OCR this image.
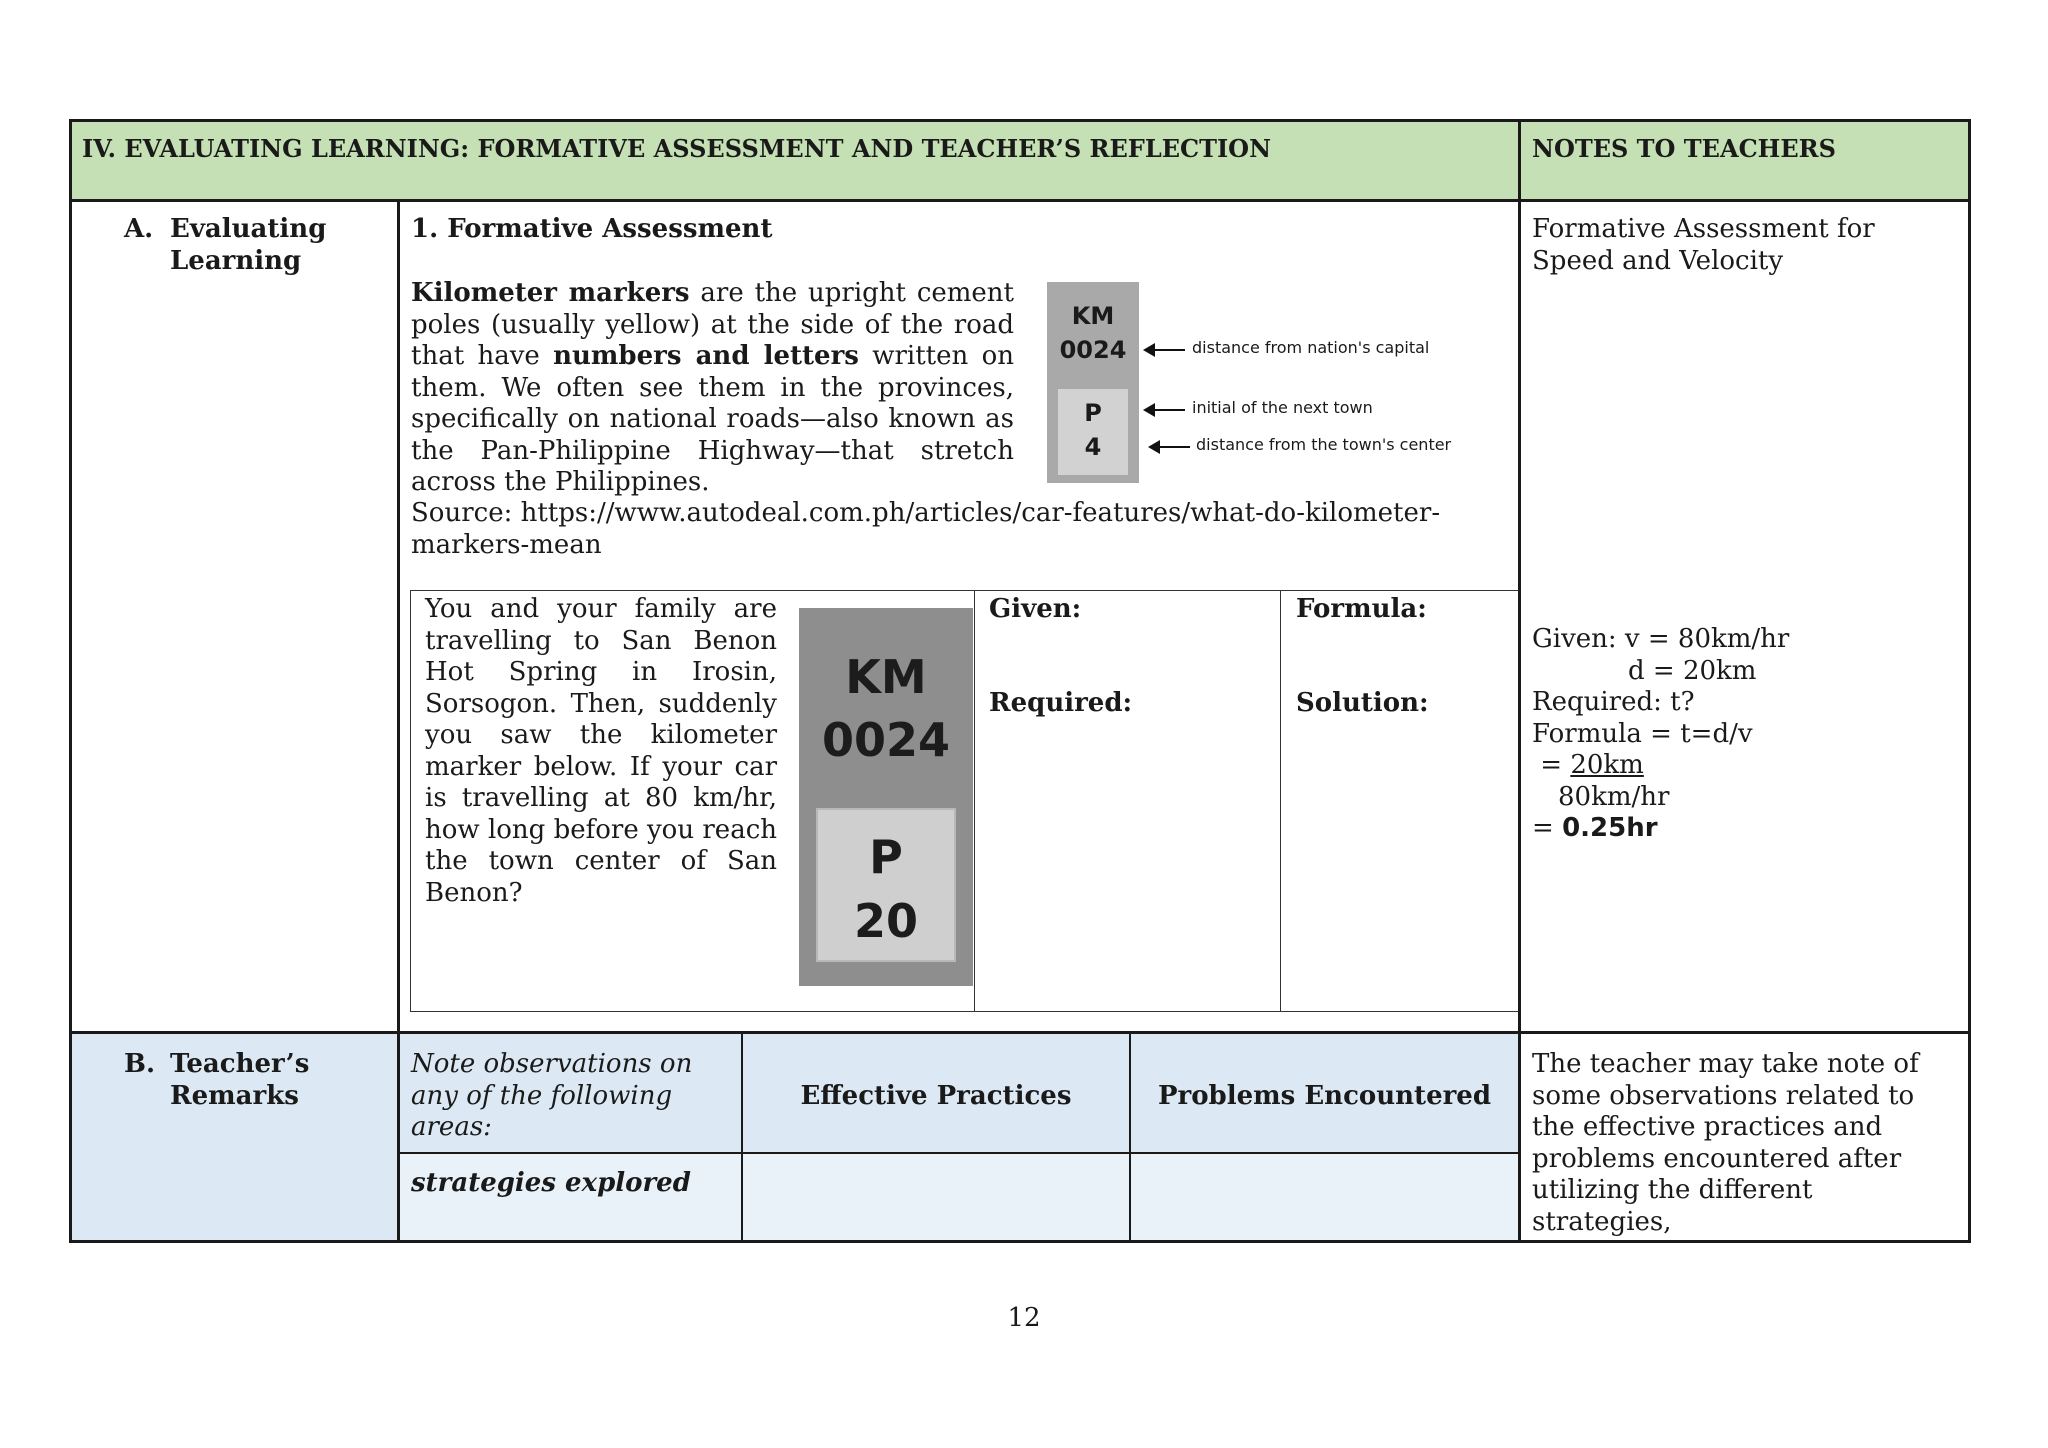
IV. EVALUATING LEARNING: FORMATIVE ASSESSMENT AND TEACHER’S REFLECTION	NOTES TO TEACHERS
A. Evaluating
Learning
1. Formative Assessment
Kilometer markers are the upright cement poles (usually yellow) at the side of the road that have numbers and letters written on them. We often see them in the provinces, specifically on national roads—also known as the Pan-Philippine Highway—that stretch across the Philippines.
Source: https://www.autodeal.com.ph/articles/car-features/what-do-kilometer-markers-mean
KM
0024
P
4
distance from nation's capital
initial of the next town
distance from the town's center
You and your family are travelling to San Benon Hot Spring in Irosin, Sorsogon. Then, suddenly you saw the kilometer marker below. If your car is travelling at 80 km/hr, how long before you reach the town center of San Benon?
KM
0024
P
20
Given:
Required:
Formula:
Solution:
Formative Assessment for
Speed and Velocity
Given: v = 80km/hr
d = 20km
Required: t?
Formula = t=d/v
= 20km
80km/hr
= 0.25hr
B. Teacher’s
Remarks
Note observations on any of the following areas:
Effective Practices	Problems Encountered
strategies explored
The teacher may take note of some observations related to the effective practices and problems encountered after utilizing the different strategies,
12
